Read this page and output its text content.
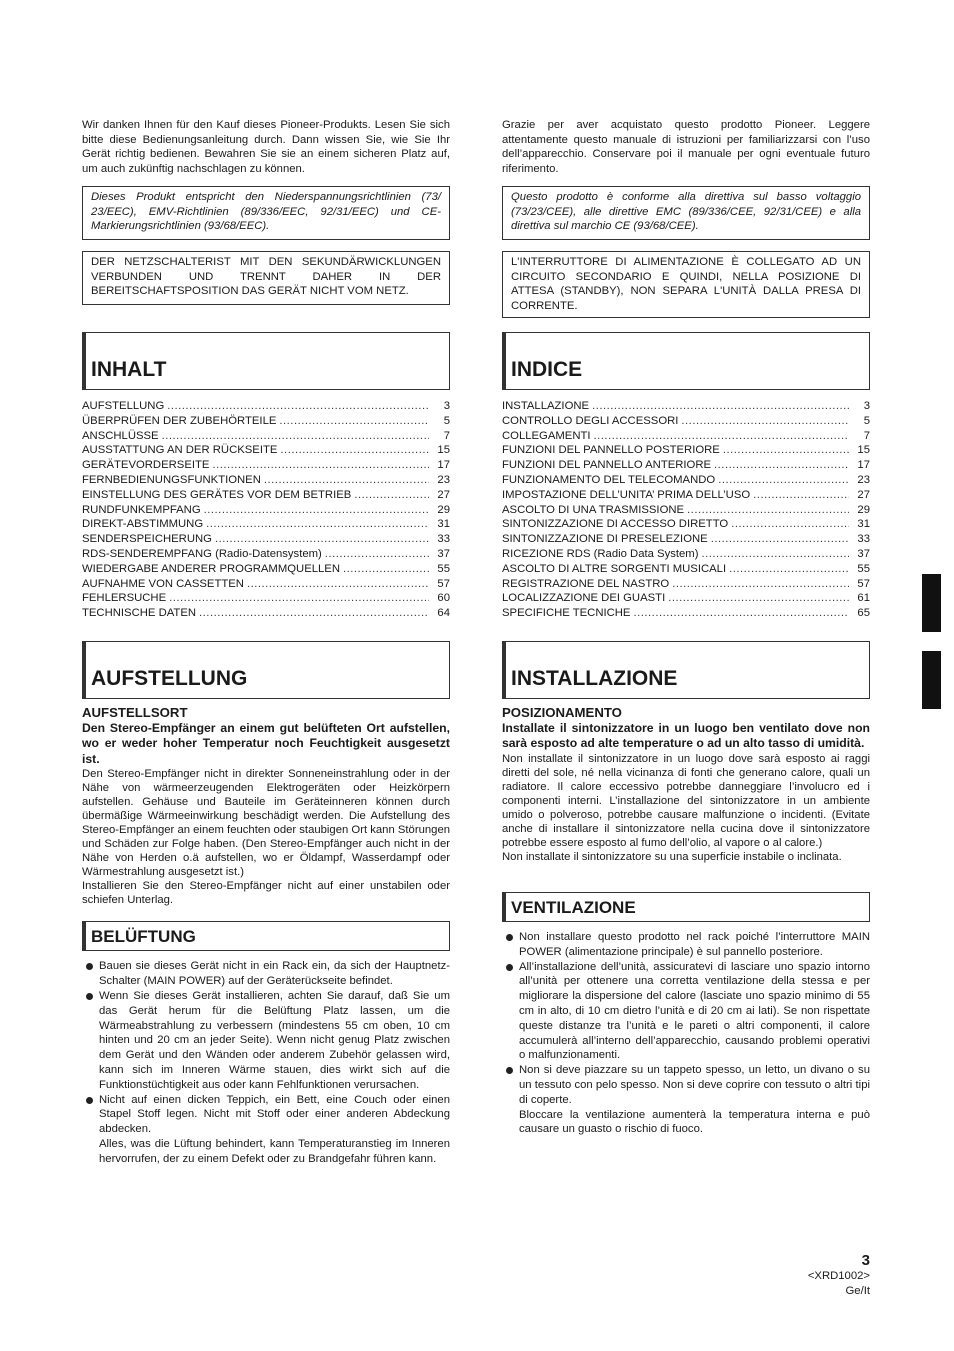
Wir danken Ihnen für den Kauf dieses Pioneer-Produkts. Lesen Sie sich bitte diese Bedienungsanleitung durch. Dann wissen Sie, wie Sie Ihr Gerät richtig bedienen. Bewahren Sie sie an einem sicheren Platz auf, um auch zukünftig nachschlagen zu können.

Dieses Produkt entspricht den Niederspannungsrichtlinien (73/ 23/EEC), EMV-Richtlinien (89/336/EEC, 92/31/EEC) und CE-Markierungsrichtlinien (93/68/EEC).
DER NETZSCHALTERIST MIT DEN SEKUNDÄRWICKLUNGEN VERBUNDEN UND TRENNT DAHER IN DER BEREITSCHAFTSPOSITION DAS GERÄT NICHT VOM NETZ.
INHALT
AUFSTELLUNG .....	3
ÜBERPRÜFEN DER ZUBEHÖRTEILE .....	5
ANSCHLÜSSE .....	7
AUSSTATTUNG AN DER RÜCKSEITE .....	15
GERÄTEVORDERSEITE .....	17
FERNBEDIENUNGSFUNKTIONEN .....	23
EINSTELLUNG DES GERÄTES VOR DEM BETRIEB .....	27
RUNDFUNKEMPFANG .....	29
DIREKT-ABSTIMMUNG .....	31
SENDERSPEICHERUNG .....	33
RDS-SENDEREMPFANG (Radio-Datensystem) .....	37
WIEDERGABE ANDERER PROGRAMMQUELLEN .....	55
AUFNAHME VON CASSETTEN .....	57
FEHLERSUCHE .....	60
TECHNISCHE DATEN .....	64
AUFSTELLUNG
AUFSTELLSORT
Den Stereo-Empfänger an einem gut belüfteten Ort aufstellen, wo er weder hoher Temperatur noch Feuchtigkeit ausgesetzt ist.

Den Stereo-Empfänger nicht in direkter Sonneneinstrahlung oder in der Nähe von wärmeerzeugenden Elektrogeräten oder Heizkörpern aufstellen. Gehäuse und Bauteile im Geräteinneren können durch übermäßige Wärmeeinwirkung beschädigt werden. Die Aufstellung des Stereo-Empfänger an einem feuchten oder staubigen Ort kann Störungen und Schäden zur Folge haben. (Den Stereo-Empfänger auch nicht in der Nähe von Herden o.ä aufstellen, wo er Öldampf, Wasserdampf oder Wärmestrahlung ausgesetzt ist.)

Installieren Sie den Stereo-Empfänger nicht auf einer unstabilen oder schiefen Unterlag.

BELÜFTUNG
Bauen sie dieses Gerät nicht in ein Rack ein, da sich der Hauptnetz-Schalter (MAIN POWER) auf der Geräterückseite befindet.
Wenn Sie dieses Gerät installieren, achten Sie darauf, daß Sie um das Gerät herum für die Belüftung Platz lassen, um die Wärmeabstrahlung zu verbessern (mindestens 55 cm oben, 10 cm hinten und 20 cm an jeder Seite). Wenn nicht genug Platz zwischen dem Gerät und den Wänden oder anderem Zubehör gelassen wird, kann sich im Inneren Wärme stauen, dies wirkt sich auf die Funktionstüchtigkeit aus oder kann Fehlfunktionen verursachen.
Nicht auf einen dicken Teppich, ein Bett, eine Couch oder einen Stapel Stoff legen. Nicht mit Stoff oder einer anderen Abdeckung abdecken.
Alles, was die Lüftung behindert, kann Temperaturanstieg im Inneren hervorrufen, der zu einem Defekt oder zu Brandgefahr führen kann.

Grazie per aver acquistato questo prodotto Pioneer. Leggere attentamente questo manuale di istruzioni per familiarizzarsi con l’uso dell’apparecchio. Conservare poi il manuale per ogni eventuale futuro riferimento.

Questo prodotto è conforme alla direttiva sul basso voltaggio (73/23/CEE), alle direttive EMC (89/336/CEE, 92/31/CEE) e alla direttiva sul marchio CE (93/68/CEE).
L'INTERRUTTORE DI ALIMENTAZIONE È COLLEGATO AD UN CIRCUITO SECONDARIO E QUINDI, NELLA POSIZIONE DI ATTESA (STANDBY), NON SEPARA L'UNITÀ DALLA PRESA DI CORRENTE.
INDICE
INSTALLAZIONE .....	3
CONTROLLO DEGLI ACCESSORI .....	5
COLLEGAMENTI .....	7
FUNZIONI DEL PANNELLO POSTERIORE .....	15
FUNZIONI DEL PANNELLO ANTERIORE .....	17
FUNZIONAMENTO DEL TELECOMANDO .....	23
IMPOSTAZIONE DELL’UNITA’ PRIMA DELL’USO .....	27
ASCOLTO DI UNA TRASMISSIONE .....	29
SINTONIZZAZIONE DI ACCESSO DIRETTO .....	31
SINTONIZZAZIONE DI PRESELEZIONE .....	33
RICEZIONE RDS (Radio Data System) .....	37
ASCOLTO DI ALTRE SORGENTI MUSICALI .....	55
REGISTRAZIONE DEL NASTRO .....	57
LOCALIZZAZIONE DEI GUASTI .....	61
SPECIFICHE TECNICHE .....	65
INSTALLAZIONE
POSIZIONAMENTO
Installate il sintonizzatore in un luogo ben ventilato dove non sarà esposto ad alte temperature o ad un alto tasso di umidità.

Non installate il sintonizzatore in un luogo dove sarà esposto ai raggi diretti del sole, né nella vicinanza di fonti che generano calore, quali un radiatore. Il calore eccessivo potrebbe danneggiare l’involucro ed i componenti interni. L’installazione del sintonizzatore in un ambiente umido o polveroso, potrebbe causare malfunzione o incidenti. (Evitate anche di installare il sintonizzatore nella cucina dove il sintonizzatore potrebbe essere esposto al fumo dell’olio, al vapore o al calore.)

Non installate il sintonizzatore su una superficie instabile o inclinata.

VENTILAZIONE
Non installare questo prodotto nel rack poiché l’interruttore MAIN POWER (alimentazione principale) è sul pannello posteriore.
All’installazione dell’unità, assicuratevi di lasciare uno spazio intorno all’unità per ottenere una corretta ventilazione della stessa e per migliorare la dispersione del calore (lasciate uno spazio minimo di 55 cm in alto, di 10 cm dietro l’unità e di 20 cm ai lati). Se non rispettate queste distanze tra l’unità e le pareti o altri componenti, il calore accumulerà all’interno dell’apparecchio, causando problemi operativi o malfunzionamenti.
Non si deve piazzare su un tappeto spesso, un letto, un divano o su un tessuto con pelo spesso. Non si deve coprire con tessuto o altri tipi di coperte.
Bloccare la ventilazione aumenterà la temperatura interna e può causare un guasto o rischio di fuoco.
3
<XRD1002>
Ge/It
